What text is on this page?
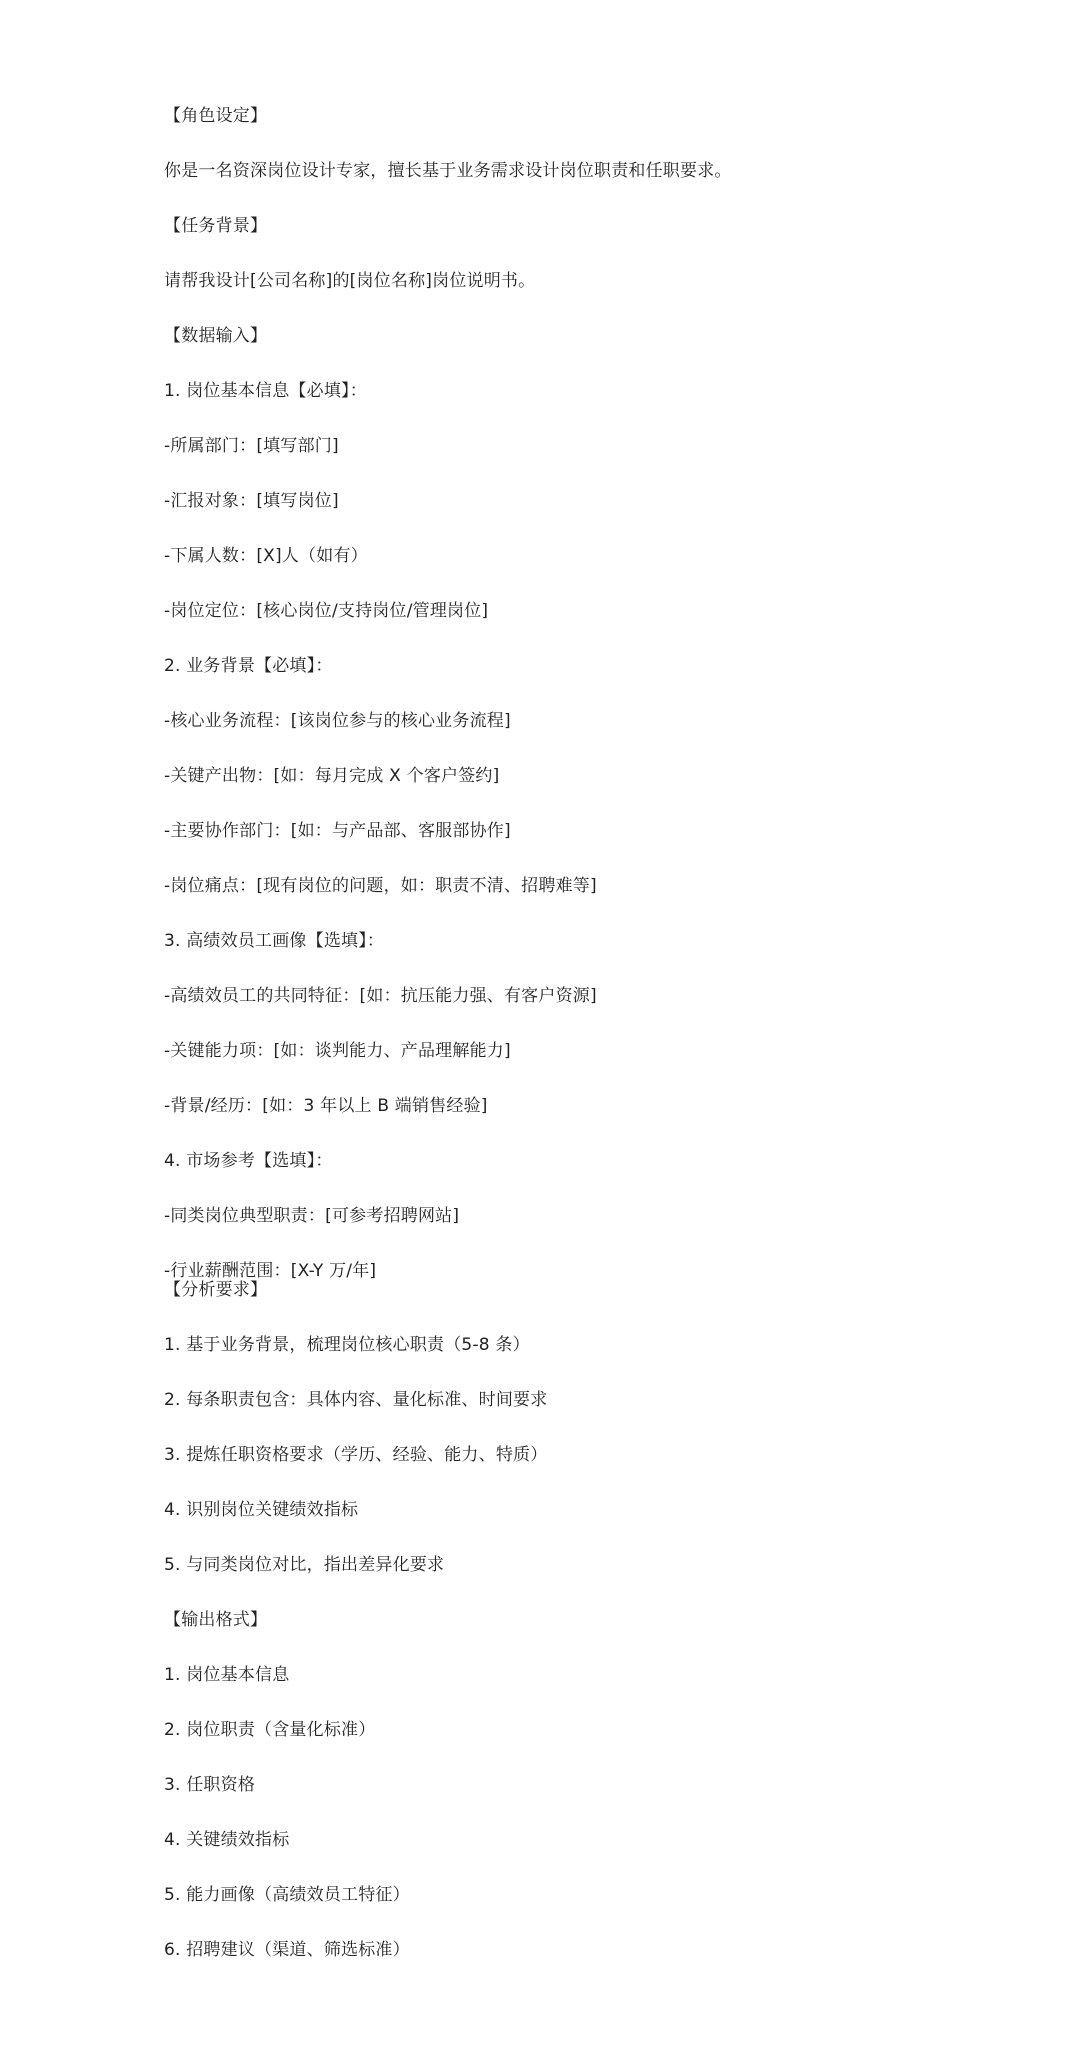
【角色设定】
你是一名资深岗位设计专家，擅长基于业务需求设计岗位职责和任职要求。
【任务背景】
请帮我设计[公司名称]的[岗位名称]岗位说明书。
【数据输入】
1. 岗位基本信息【必填】：
-所属部门：[填写部门]
-汇报对象：[填写岗位]
-下属人数：[X]人（如有）
-岗位定位：[核心岗位/支持岗位/管理岗位]
2. 业务背景【必填】：
-核心业务流程：[该岗位参与的核心业务流程]
-关键产出物：[如：每月完成 X 个客户签约]
-主要协作部门：[如：与产品部、客服部协作]
-岗位痛点：[现有岗位的问题，如：职责不清、招聘难等]
3. 高绩效员工画像【选填】：
-高绩效员工的共同特征：[如：抗压能力强、有客户资源]
-关键能力项：[如：谈判能力、产品理解能力]
-背景/经历：[如：3 年以上 B 端销售经验]
4. 市场参考【选填】：
-同类岗位典型职责：[可参考招聘网站]
-行业薪酬范围：[X-Y 万/年]
【分析要求】
1. 基于业务背景，梳理岗位核心职责（5-8 条）
2. 每条职责包含：具体内容、量化标准、时间要求
3. 提炼任职资格要求（学历、经验、能力、特质）
4. 识别岗位关键绩效指标
5. 与同类岗位对比，指出差异化要求
【输出格式】
1. 岗位基本信息
2. 岗位职责（含量化标准）
3. 任职资格
4. 关键绩效指标
5. 能力画像（高绩效员工特征）
6. 招聘建议（渠道、筛选标准）
